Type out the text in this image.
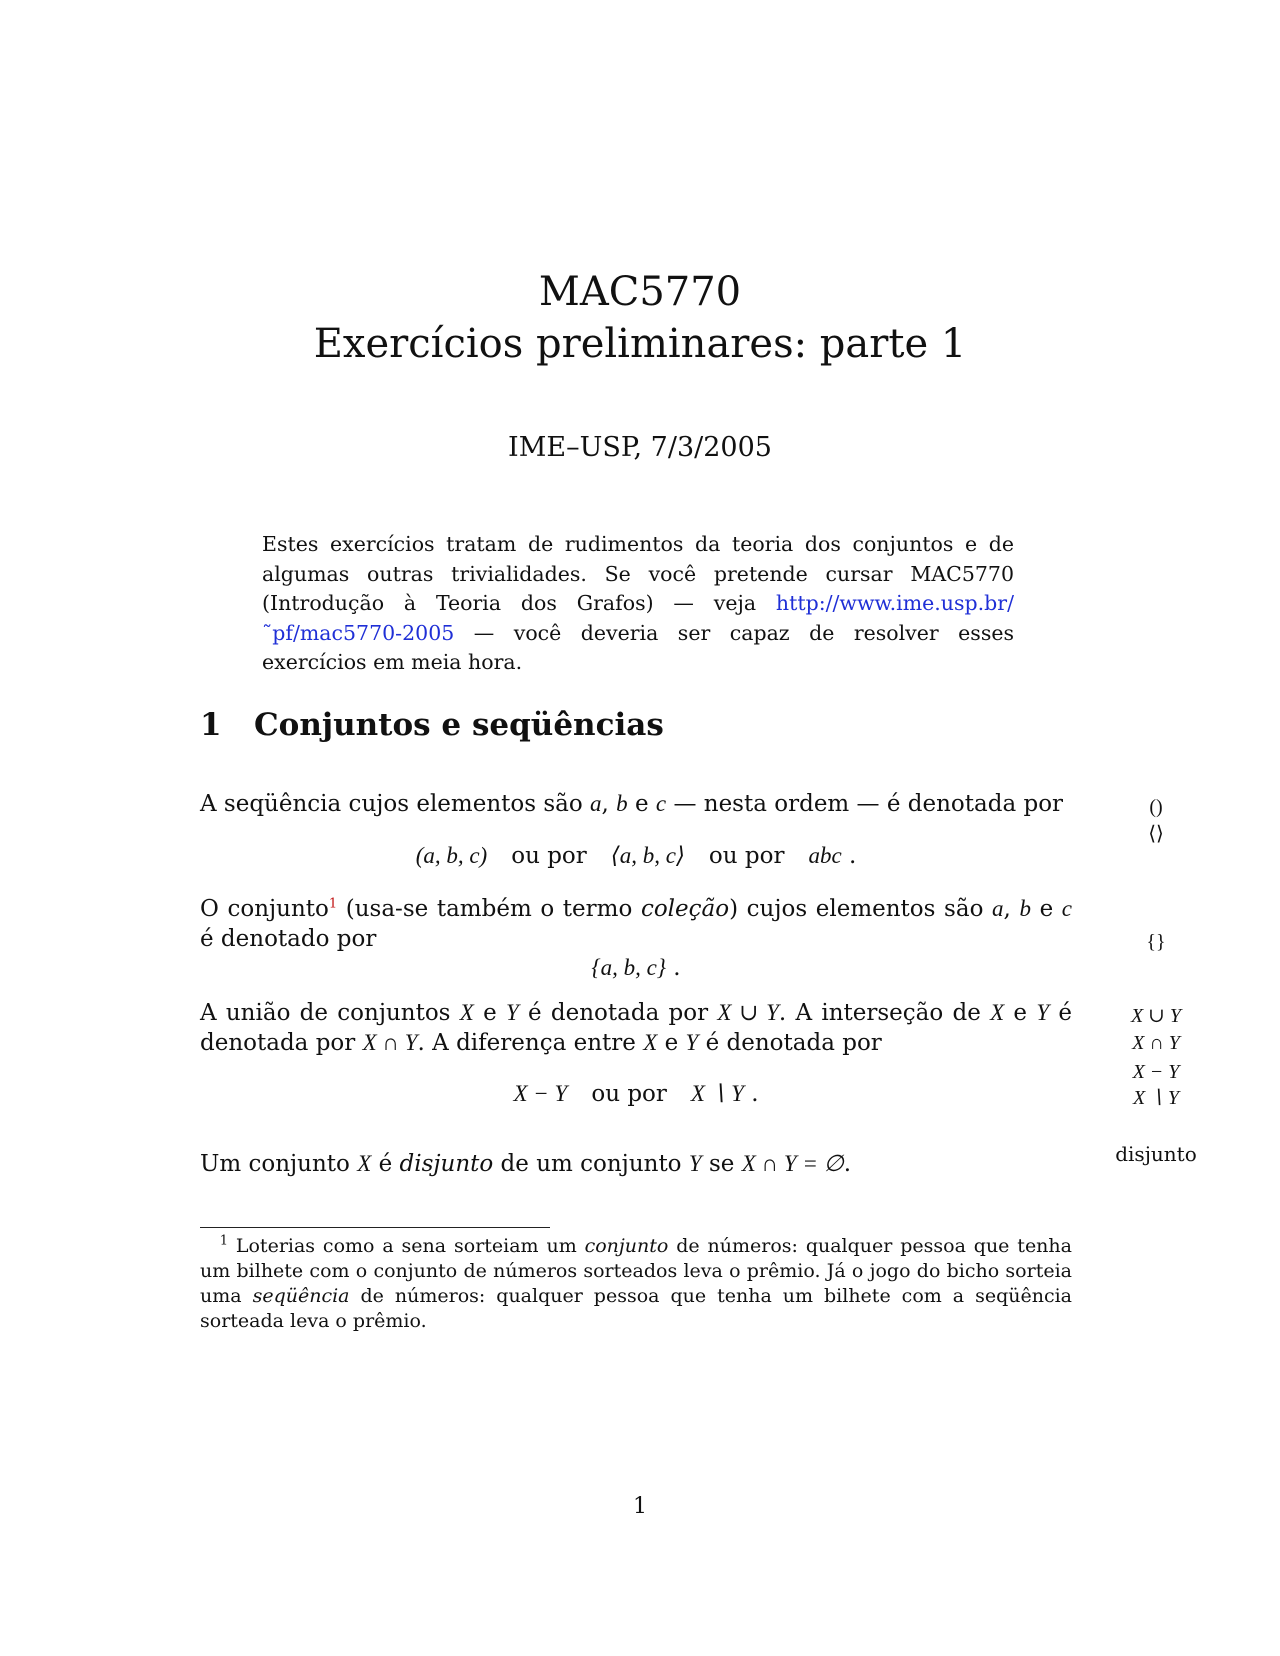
MAC5770
Exercícios preliminares: parte 1
IME–USP, 7/3/2005
Estes exercícios tratam de rudimentos da teoria dos conjuntos e de algumas outras trivialidades. Se você pretende cursar MAC5770 (Introdução à Teoria dos Grafos) — veja http://www.ime.usp.br/˜pf/mac5770-2005 — você deveria ser capaz de resolver esses exercícios em meia hora.
1 Conjuntos e seqüências
A seqüência cujos elementos são a, b e c — nesta ordem — é denotada por
(a, b, c) ou por ⟨a, b, c⟩ ou por abc .
O conjunto$^1$ (usa-se também o termo coleção) cujos elementos são a, b e c é denotado por
{a, b, c} .
A união de conjuntos X e Y é denotada por X ∪ Y. A interseção de X e Y é denotada por X ∩ Y. A diferença entre X e Y é denotada por
X − Y ou por X ∖ Y .
Um conjunto X é disjunto de um conjunto Y se X ∩ Y = ∅.
()
⟨⟩
{}
X ∪ Y
X ∩ Y
X − Y
X ∖ Y
disjunto
$^1$ Loterias como a sena sorteiam um conjunto de números: qualquer pessoa que tenha um bilhete com o conjunto de números sorteados leva o prêmio. Já o jogo do bicho sorteia uma seqüência de números: qualquer pessoa que tenha um bilhete com a seqüência sorteada leva o prêmio.
1
